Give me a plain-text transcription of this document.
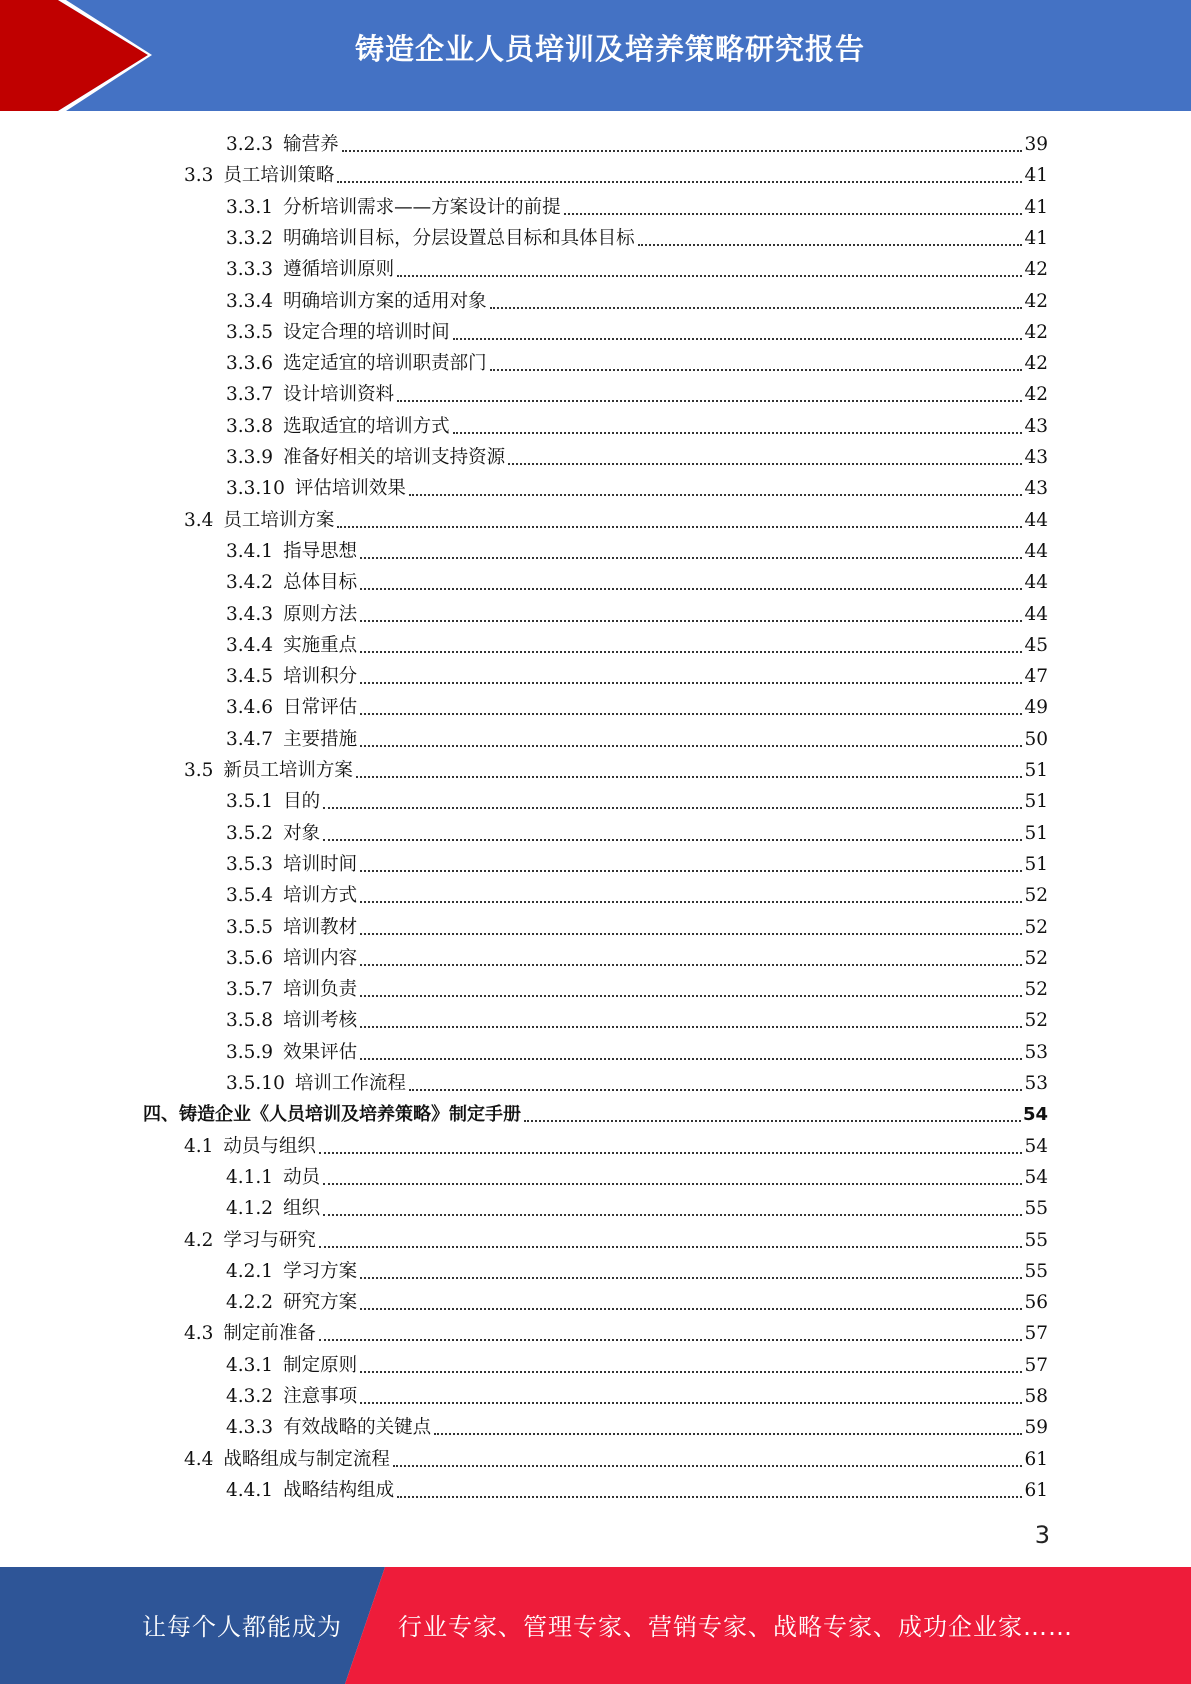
铸造企业人员培训及培养策略研究报告
3.2.3 输营养	39
3.3 员工培训策略	41
3.3.1 分析培训需求——方案设计的前提	41
3.3.2 明确培训目标，分层设置总目标和具体目标	41
3.3.3 遵循培训原则	42
3.3.4 明确培训方案的适用对象	42
3.3.5 设定合理的培训时间	42
3.3.6 选定适宜的培训职责部门	42
3.3.7 设计培训资料	42
3.3.8 选取适宜的培训方式	43
3.3.9 准备好相关的培训支持资源	43
3.3.10 评估培训效果	43
3.4 员工培训方案	44
3.4.1 指导思想	44
3.4.2 总体目标	44
3.4.3 原则方法	44
3.4.4 实施重点	45
3.4.5 培训积分	47
3.4.6 日常评估	49
3.4.7 主要措施	50
3.5 新员工培训方案	51
3.5.1 目的	51
3.5.2 对象	51
3.5.3 培训时间	51
3.5.4 培训方式	52
3.5.5 培训教材	52
3.5.6 培训内容	52
3.5.7 培训负责	52
3.5.8 培训考核	52
3.5.9 效果评估	53
3.5.10 培训工作流程	53
四、铸造企业《人员培训及培养策略》制定手册	54
4.1 动员与组织	54
4.1.1 动员	54
4.1.2 组织	55
4.2 学习与研究	55
4.2.1 学习方案	55
4.2.2 研究方案	56
4.3 制定前准备	57
4.3.1 制定原则	57
4.3.2 注意事项	58
4.3.3 有效战略的关键点	59
4.4 战略组成与制定流程	61
4.4.1 战略结构组成	61
3
让每个人都能成为 行业专家、管理专家、营销专家、战略专家、成功企业家……
